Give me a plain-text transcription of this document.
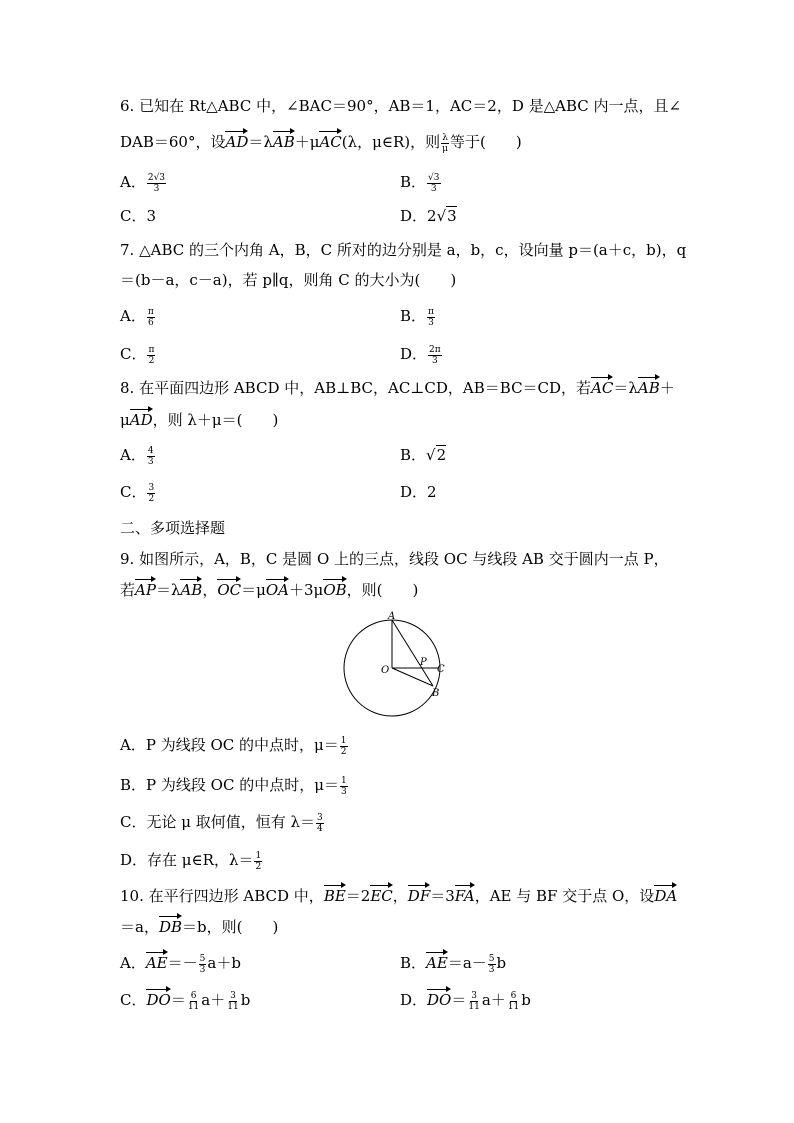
6. 已知在 Rt△ABC 中，∠BAC＝90°，AB＝1，AC＝2，D 是△ABC 内一点，且∠
DAB＝60°，设AD＝λAB＋μAC(λ，μ∈R)，则 $\frac{\lambda}{\mu}$ 等于(　　)
A． $\frac{2√3}{3}$	B． $\frac{√3}{3}$
C．3	D．2√3
7. △ABC 的三个内角 A，B，C 所对的边分别是 a，b，c，设向量 p＝(a＋c，b)，q
＝(b－a，c－a)，若 p∥q，则角 C 的大小为(　　)
A． $\frac{\pi}{6}$	B． $\frac{\pi}{3}$
C． $\frac{\pi}{2}$	D． $\frac{2\pi}{3}$
8. 在平面四边形 ABCD 中，AB⊥BC，AC⊥CD，AB＝BC＝CD，若AC＝λAB＋
μAD，则 λ＋μ＝(　　)
A． $\frac{4}{3}$	B．√2
C． $\frac{3}{2}$	D．2
二、多项选择题
9. 如图所示，A，B，C 是圆 O 上的三点，线段 OC 与线段 AB 交于圆内一点 P，
若AP＝λAB，OC＝μOA＋3μOB，则(　　)
A
O
P
C
B
A．P 为线段 OC 的中点时，$\mu= \frac{1}{2}$
B．P 为线段 OC 的中点时，$\mu= \frac{1}{3}$
C．无论 μ 取何值，恒有 $\lambda= \frac{3}{4}$
D．存在 μ∈R，$\lambda= \frac{1}{2}$
10. 在平行四边形 ABCD 中，BE＝2EC，DF＝3FA，AE 与 BF 交于点 O，设DA
＝a，DB＝b，则(　　)
A．$AE=- \frac{5}{3} a+b$	B．$AE=a- \frac{5}{3}$ b
C．$DO= \frac{6}{11} a+ \frac{3}{11}$ b	D．$DO= \frac{3}{11} a+ \frac{6}{11}$ b
